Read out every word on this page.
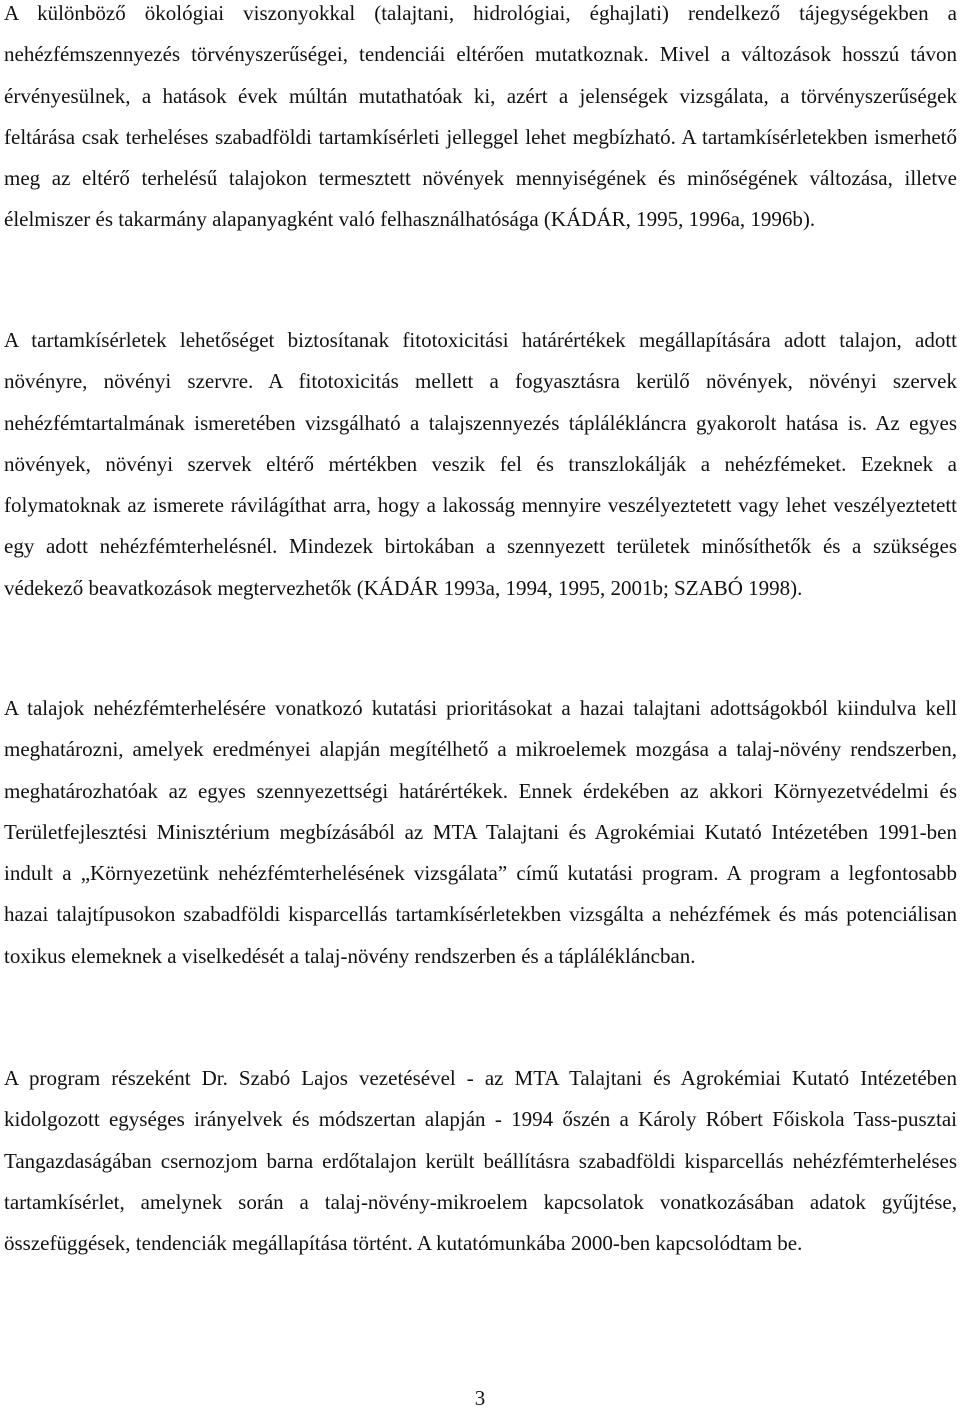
A különböző ökológiai viszonyokkal (talajtani, hidrológiai, éghajlati) rendelkező tájegységekben a nehézfémszennyezés törvényszerűségei, tendenciái eltérően mutatkoznak. Mivel a változások hosszú távon érvényesülnek, a hatások évek múltán mutathatóak ki, azért a jelenségek vizsgálata, a törvényszerűségek feltárása csak terheléses szabadföldi tartamkísérleti jelleggel lehet megbízható. A tartamkísérletekben ismerhető meg az eltérő terhelésű talajokon termesztett növények mennyiségének és minőségének változása, illetve élelmiszer és takarmány alapanyagként való felhasználhatósága (KÁDÁR, 1995, 1996a, 1996b).

A tartamkísérletek lehetőséget biztosítanak fitotoxicitási határértékek megállapítására adott talajon, adott növényre, növényi szervre. A fitotoxicitás mellett a fogyasztásra kerülő növények, növényi szervek nehézfémtartalmának ismeretében vizsgálható a talajszennyezés táplálékláncra gyakorolt hatása is. Az egyes növények, növényi szervek eltérő mértékben veszik fel és transzlokálják a nehézfémeket. Ezeknek a folymatoknak az ismerete rávilágíthat arra, hogy a lakosság mennyire veszélyeztetett vagy lehet veszélyeztetett egy adott nehézfémterhelésnél. Mindezek birtokában a szennyezett területek minősíthetők és a szükséges védekező beavatkozások megtervezhetők (KÁDÁR 1993a, 1994, 1995, 2001b; SZABÓ 1998).

A talajok nehézfémterhelésére vonatkozó kutatási prioritásokat a hazai talajtani adottságokból kiindulva kell meghatározni, amelyek eredményei alapján megítélhető a mikroelemek mozgása a talaj-növény rendszerben, meghatározhatóak az egyes szennyezettségi határértékek. Ennek érdekében az akkori Környezetvédelmi és Területfejlesztési Minisztérium megbízásából az MTA Talajtani és Agrokémiai Kutató Intézetében 1991-ben indult a „Környezetünk nehézfémterhelésének vizsgálata” című kutatási program. A program a legfontosabb hazai talajtípusokon szabadföldi kisparcellás tartamkísérletekben vizsgálta a nehézfémek és más potenciálisan toxikus elemeknek a viselkedését a talaj-növény rendszerben és a táplálékláncban.

A program részeként Dr. Szabó Lajos vezetésével - az MTA Talajtani és Agrokémiai Kutató Intézetében kidolgozott egységes irányelvek és módszertan alapján - 1994 őszén a Károly Róbert Főiskola Tass-pusztai Tangazdaságában csernozjom barna erdőtalajon került beállításra szabadföldi kisparcellás nehézfémterheléses tartamkísérlet, amelynek során a talaj-növény-mikroelem kapcsolatok vonatkozásában adatok gyűjtése, összefüggések, tendenciák megállapítása történt. A kutatómunkába 2000-ben kapcsolódtam be.

3
